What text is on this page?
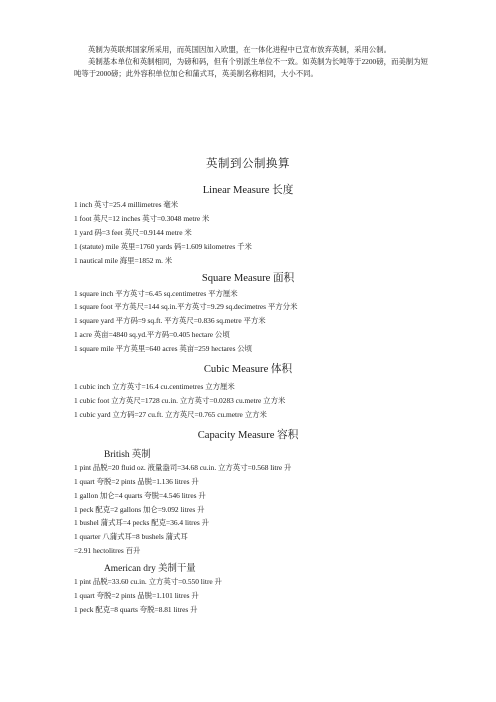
英制为英联邦国家所采用，而英国因加入欧盟，在一体化进程中已宣布放弃英制，采用公制。

美制基本单位和英制相同，为磅和码，但有个别派生单位不一致。如英制为长吨等于2200磅，而美制为短吨等于2000磅；此外容积单位加仑和蒲式耳，英美制名称相同，大小不同。

英制到公制换算
Linear Measure 长度
1 inch 英寸=25.4 millimetres 毫米
1 foot 英尺=12 inches 英寸=0.3048 metre 米
1 yard 码=3 feet 英尺=0.9144 metre 米
1 (statute) mile 英里=1760 yards 码=1.609 kilometres 千米
1 nautical mile 海里=1852 m. 米
Square Measure 面积
1 square inch 平方英寸=6.45 sq.centimetres 平方厘米
1 square foot 平方英尺=144 sq.in.平方英寸=9.29 sq.decimetres 平方分米
1 square yard 平方码=9 sq.ft. 平方英尺=0.836 sq.metre 平方米
1 acre 英亩=4840 sq.yd.平方码=0.405 hectare 公顷
1 square mile 平方英里=640 acres 英亩=259 hectares 公顷
Cubic Measure 体积
1 cubic inch 立方英寸=16.4 cu.centimetres 立方厘米
1 cubic foot 立方英尺=1728 cu.in. 立方英寸=0.0283 cu.metre 立方米
1 cubic yard 立方码=27 cu.ft. 立方英尺=0.765 cu.metre 立方米
Capacity Measure 容积
British 英制
1 pint 品脱=20 fluid oz. 液量盎司=34.68 cu.in. 立方英寸=0.568 litre 升
1 quart 夸脱=2 pints 品脱=1.136 litres 升
1 gallon 加仑=4 quarts 夸脱=4.546 litres 升
1 peck 配克=2 gallons 加仑=9.092 litres 升
1 bushel 蒲式耳=4 pecks 配克=36.4 litres 升
1 quarter 八蒲式耳=8 bushels 蒲式耳
=2.91 hectolitres 百升
American dry 美制干量
1 pint 品脱=33.60 cu.in. 立方英寸=0.550 litre 升
1 quart 夸脱=2 pints 品脱=1.101 litres 升
1 peck 配克=8 quarts 夸脱=8.81 litres 升
